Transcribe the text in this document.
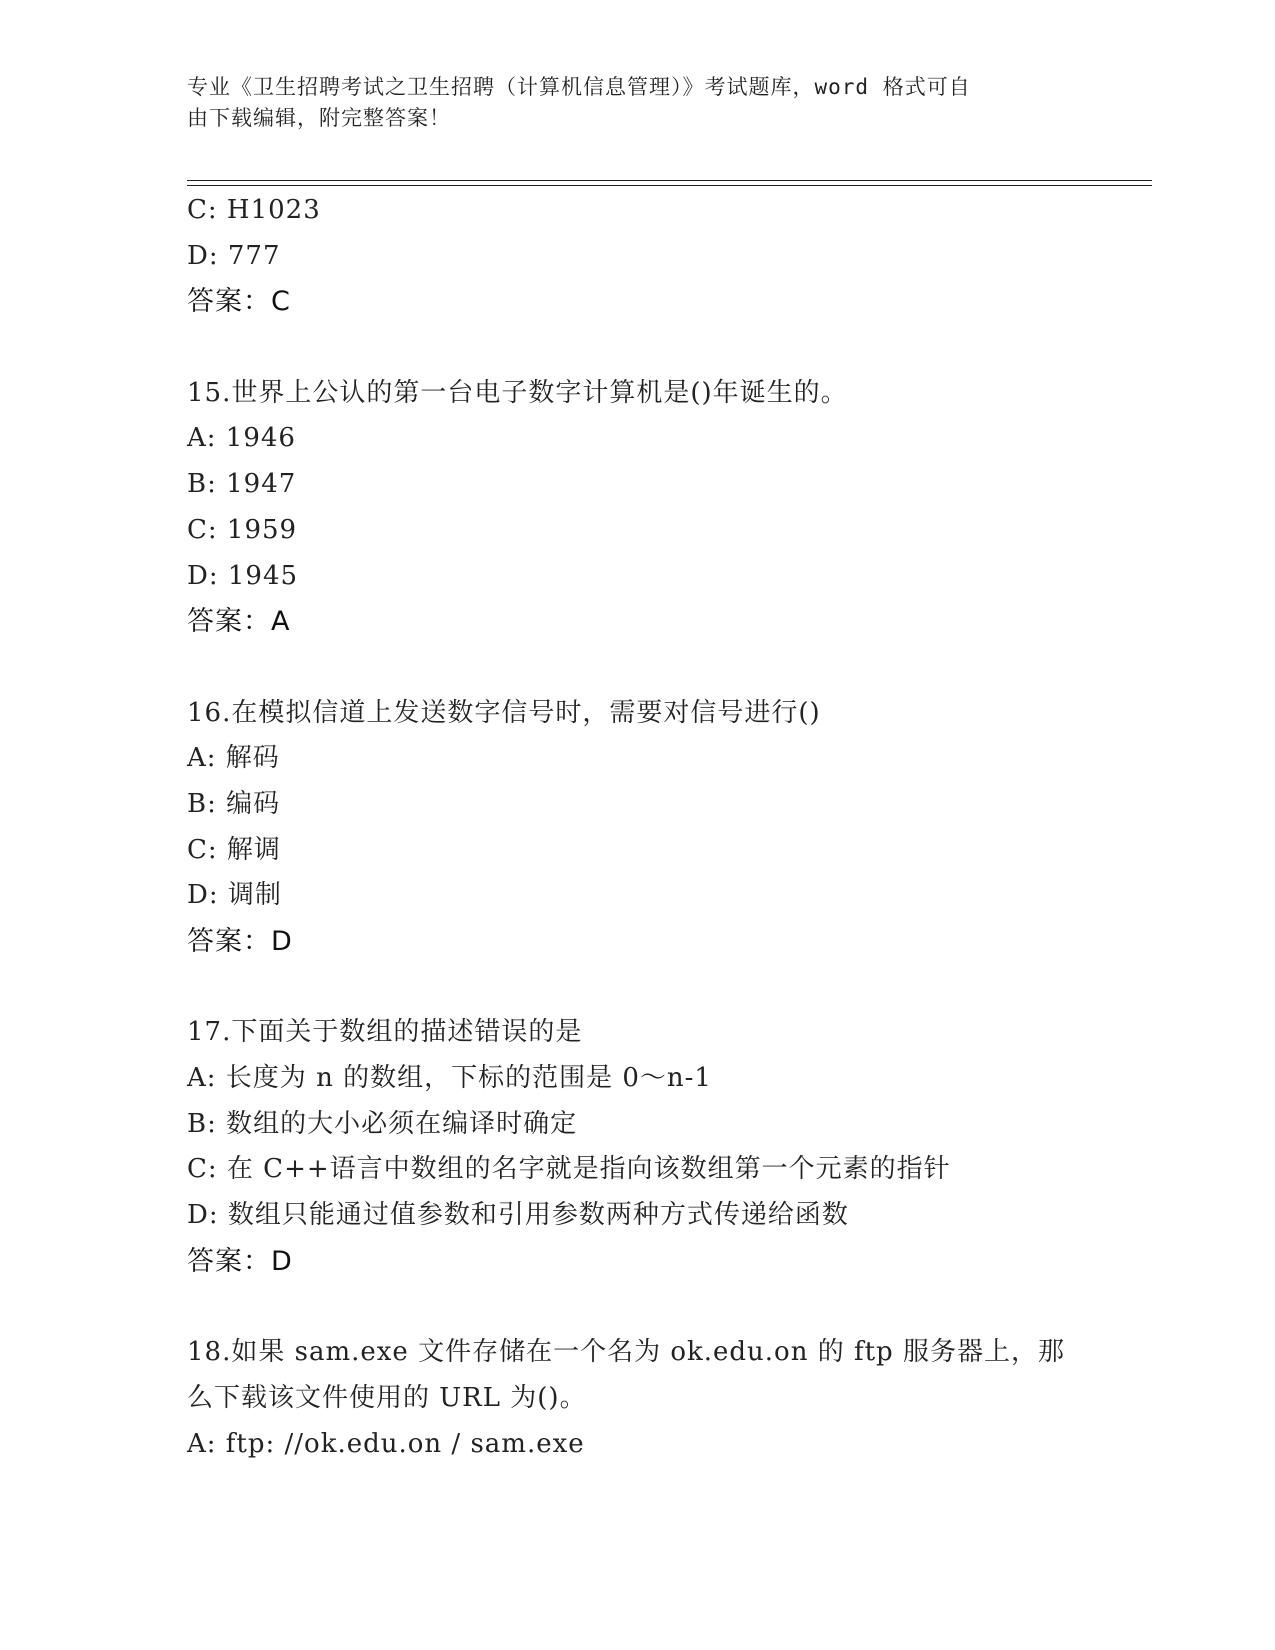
专业《卫生招聘考试之卫生招聘（计算机信息管理）》考试题库，word 格式可自
由下载编辑，附完整答案！
C: H1023
D: 777
答案：C
15.世界上公认的第一台电子数字计算机是()年诞生的。
A: 1946
B: 1947
C: 1959
D: 1945
答案：A
16.在模拟信道上发送数字信号时，需要对信号进行()
A: 解码
B: 编码
C: 解调
D: 调制
答案：D
17.下面关于数组的描述错误的是
A: 长度为 n 的数组，下标的范围是 0～n-1
B: 数组的大小必须在编译时确定
C: 在 C++语言中数组的名字就是指向该数组第一个元素的指针
D: 数组只能通过值参数和引用参数两种方式传递给函数
答案：D
18.如果 sam.exe 文件存储在一个名为 ok.edu.on 的 ftp 服务器上，那
么下载该文件使用的 URL 为()。
A: ftp: //ok.edu.on / sam.exe
